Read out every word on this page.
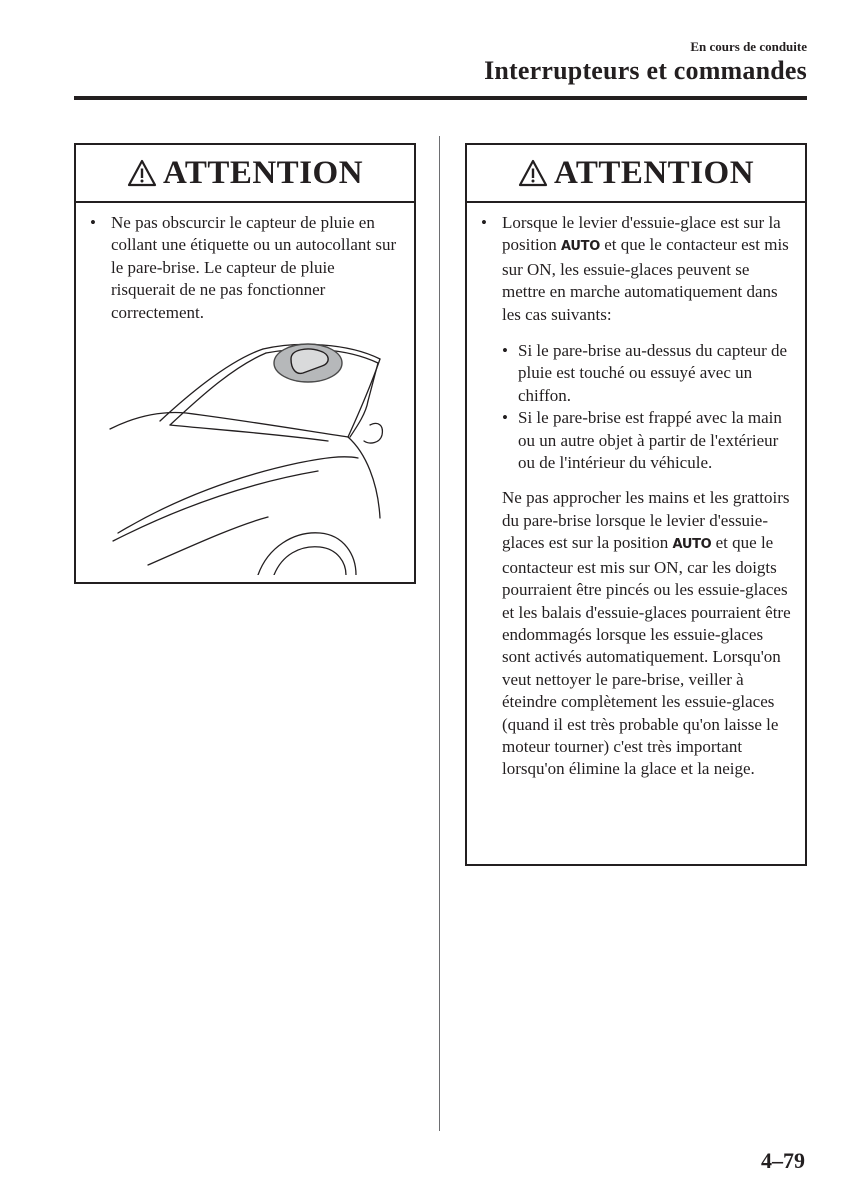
En cours de conduite
Interrupteurs et commandes
ATTENTION
• Ne pas obscurcir le capteur de pluie en collant une étiquette ou un autocollant sur le pare-brise. Le capteur de pluie risquerait de ne pas fonctionner correctement.
ATTENTION
• Lorsque le levier d'essuie-glace est sur la position AUTO et que le contacteur est mis sur ON, les essuie-glaces peuvent se mettre en marche automatiquement dans les cas suivants:
• Si le pare-brise au-dessus du capteur de pluie est touché ou essuyé avec un chiffon.
• Si le pare-brise est frappé avec la main ou un autre objet à partir de l'extérieur ou de l'intérieur du véhicule.
Ne pas approcher les mains et les grattoirs du pare-brise lorsque le levier d'essuie-glaces est sur la position AUTO et que le contacteur est mis sur ON, car les doigts pourraient être pincés ou les essuie-glaces et les balais d'essuie-glaces pourraient être endommagés lorsque les essuie-glaces sont activés automatiquement. Lorsqu'on veut nettoyer le pare-brise, veiller à éteindre complètement les essuie-glaces (quand il est très probable qu'on laisse le moteur tourner) c'est très important lorsqu'on élimine la glace et la neige.
4–79
